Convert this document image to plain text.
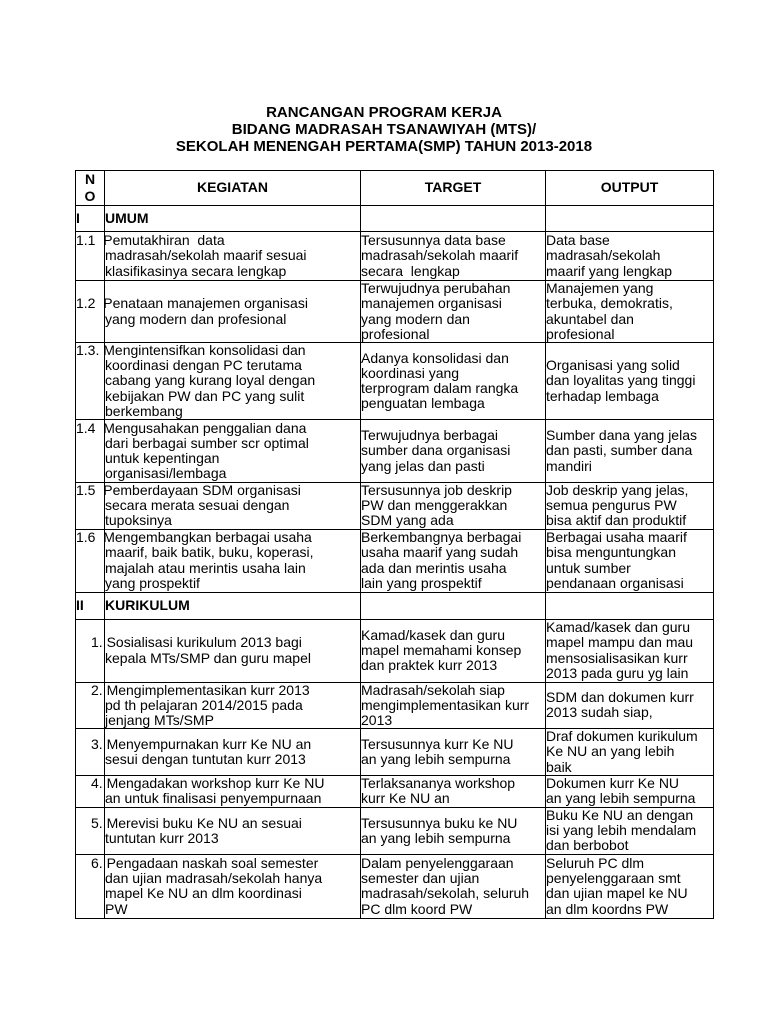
RANCANGAN PROGRAM KERJA
BIDANG MADRASAH TSANAWIYAH (MTS)/
SEKOLAH MENENGAH PERTAMA(SMP) TAHUN 2013-2018
NO	KEGIATAN	TARGET	OUTPUT
I	UMUM		
	1.1  Pemutakhiran  data
madrasah/sekolah maarif sesuai
klasifikasinya secara lengkap	Tersusunnya data base
madrasah/sekolah maarif
secara  lengkap	Data base
madrasah/sekolah
maarif yang lengkap
	1.2  Penataan manajemen organisasi
yang modern dan profesional	Terwujudnya perubahan
manajemen organisasi
yang modern dan
profesional	Manajemen yang
terbuka, demokratis,
akuntabel dan
profesional
	1.3. Mengintensifkan konsolidasi dan
koordinasi dengan PC terutama
cabang yang kurang loyal dengan
kebijakan PW dan PC yang sulit
berkembang	Adanya konsolidasi dan
koordinasi yang
terprogram dalam rangka
penguatan lembaga	Organisasi yang solid
dan loyalitas yang tinggi
terhadap lembaga
	1.4  Mengusahakan penggalian dana
dari berbagai sumber scr optimal
untuk kepentingan
organisasi/lembaga	Terwujudnya berbagai
sumber dana organisasi
yang jelas dan pasti	Sumber dana yang jelas
dan pasti, sumber dana
mandiri
	1.5  Pemberdayaan SDM organisasi
secara merata sesuai dengan
tupoksinya	Tersusunnya job deskrip
PW dan menggerakkan
SDM yang ada	Job deskrip yang jelas,
semua pengurus PW
bisa aktif dan produktif
	1.6  Mengembangkan berbagai usaha
maarif, baik batik, buku, koperasi,
majalah atau merintis usaha lain
yang prospektif	Berkembangnya berbagai
usaha maarif yang sudah
ada dan merintis usaha
lain yang prospektif	Berbagai usaha maarif
bisa menguntungkan
untuk sumber
pendanaan organisasi
II	KURIKULUM		
	1. Sosialisasi kurikulum 2013 bagi
kepala MTs/SMP dan guru mapel	Kamad/kasek dan guru
mapel memahami konsep
dan praktek kurr 2013	Kamad/kasek dan guru
mapel mampu dan mau
mensosialisasikan kurr
2013 pada guru yg lain
	2. Mengimplementasikan kurr 2013
pd th pelajaran 2014/2015 pada
jenjang MTs/SMP	Madrasah/sekolah siap
mengimplementasikan kurr
2013	SDM dan dokumen kurr
2013 sudah siap,
	3. Menyempurnakan kurr Ke NU an
sesui dengan tuntutan kurr 2013	Tersusunnya kurr Ke NU
an yang lebih sempurna	Draf dokumen kurikulum
Ke NU an yang lebih
baik
	4. Mengadakan workshop kurr Ke NU
an untuk finalisasi penyempurnaan	Terlaksananya workshop
kurr Ke NU an	Dokumen kurr Ke NU
an yang lebih sempurna
	5. Merevisi buku Ke NU an sesuai
tuntutan kurr 2013	Tersusunnya buku ke NU
an yang lebih sempurna	Buku Ke NU an dengan
isi yang lebih mendalam
dan berbobot
	6. Pengadaan naskah soal semester
dan ujian madrasah/sekolah hanya
mapel Ke NU an dlm koordinasi
PW	Dalam penyelenggaraan
semester dan ujian
madrasah/sekolah, seluruh
PC dlm koord PW	Seluruh PC dlm
penyelenggaraan smt
dan ujian mapel ke NU
an dlm koordns PW
